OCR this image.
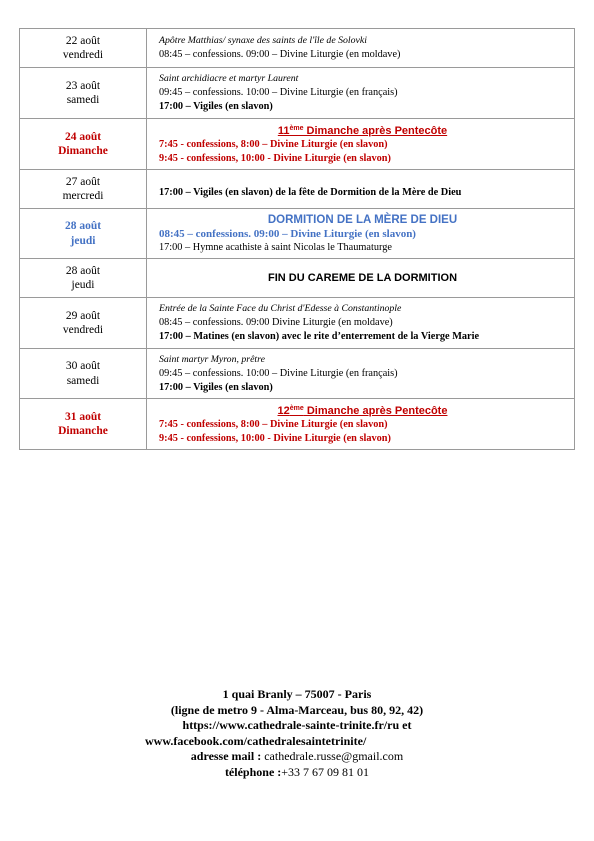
22 août
vendredi	Apôtre Matthias/ synaxe des saints de l'île de Solovki
08:45 – confessions. 09:00 – Divine Liturgie (en moldave)

23 août
samedi	Saint archidiacre et martyr Laurent
09:45 – confessions. 10:00 – Divine Liturgie (en français)
17:00 – Vigiles (en slavon)

24 août
Dimanche	11ème Dimanche après Pentecôte
7:45 - confessions, 8:00 – Divine Liturgie (en slavon)
9:45 - confessions, 10:00 - Divine Liturgie (en slavon)

27 août
mercredi	17:00 – Vigiles (en slavon) de la fête de Dormition de la Mère de Dieu

28 août
jeudi	DORMITION DE LA MÈRE DE DIEU
08:45 – confessions. 09:00 – Divine Liturgie (en slavon)
17:00 – Hymne acathiste à saint Nicolas le Thaumaturge

28 août
jeudi	FIN DU CAREME DE LA DORMITION

29 août
vendredi	Entrée de la Sainte Face du Christ d'Edesse à Constantinople
08:45 – confessions. 09:00 Divine Liturgie (en moldave)
17:00 – Matines (en slavon) avec le rite d’enterrement de la Vierge Marie

30 août
samedi	Saint martyr Myron, prêtre
09:45 – confessions. 10:00 – Divine Liturgie (en français)
17:00 – Vigiles (en slavon)

31 août
Dimanche	12ème Dimanche après Pentecôte
7:45 - confessions, 8:00 – Divine Liturgie (en slavon)
9:45 - confessions, 10:00 - Divine Liturgie (en slavon)
1 quai Branly – 75007 - Paris
(ligne de metro 9 - Alma-Marceau, bus 80, 92, 42)
https://www.cathedrale-sainte-trinite.fr/ru et
www.facebook.com/cathedralesaintetrinite/
adresse mail : cathedrale.russe@gmail.com
téléphone :+33 7 67 09 81 01
